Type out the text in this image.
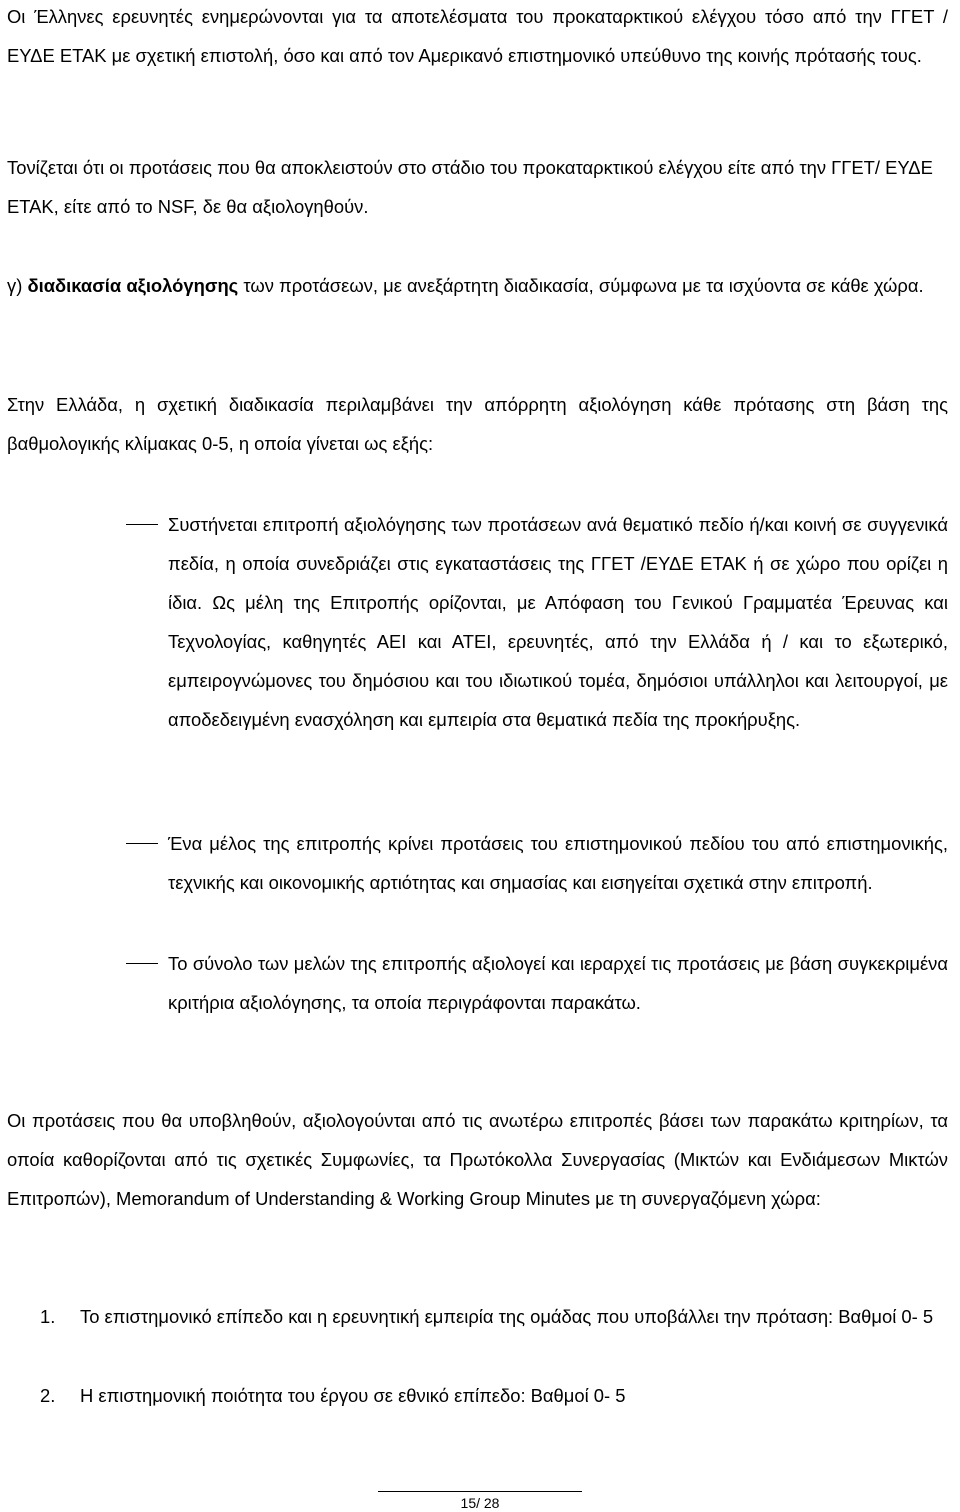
Οι Έλληνες ερευνητές ενημερώνονται για τα αποτελέσματα του προκαταρκτικού ελέγχου τόσο από την ΓΓΕΤ / ΕΥΔΕ ΕΤΑΚ με σχετική επιστολή, όσο και από τον Αμερικανό επιστημονικό υπεύθυνο της κοινής πρότασής τους.

Τονίζεται ότι οι προτάσεις που θα αποκλειστούν στο στάδιο του προκαταρκτικού ελέγχου είτε από την ΓΓΕΤ/ ΕΥΔΕ ΕΤΑΚ, είτε από το NSF, δε θα αξιολογηθούν.

γ) διαδικασία αξιολόγησης των προτάσεων, με ανεξάρτητη διαδικασία, σύμφωνα με τα ισχύοντα σε κάθε χώρα.

Στην Ελλάδα, η σχετική διαδικασία περιλαμβάνει την απόρρητη αξιολόγηση κάθε πρότασης στη βάση της βαθμολογικής κλίμακας 0-5, η οποία γίνεται ως εξής:

Συστήνεται επιτροπή αξιολόγησης των προτάσεων ανά θεματικό πεδίο ή/και κοινή σε συγγενικά πεδία, η οποία συνεδριάζει στις εγκαταστάσεις της ΓΓΕΤ /ΕΥΔΕ ΕΤΑΚ ή σε χώρο που ορίζει η ίδια. Ως μέλη της Επιτροπής ορίζονται, με Απόφαση του Γενικού Γραμματέα Έρευνας και Τεχνολογίας, καθηγητές ΑΕΙ και ΑΤΕΙ, ερευνητές, από την Ελλάδα ή / και το εξωτερικό, εμπειρογνώμονες του δημόσιου και του ιδιωτικού τομέα, δημόσιοι υπάλληλοι και λειτουργοί, με αποδεδειγμένη ενασχόληση και εμπειρία στα θεματικά πεδία της προκήρυξης.

Ένα μέλος της επιτροπής κρίνει προτάσεις του επιστημονικού πεδίου του από επιστημονικής, τεχνικής και οικονομικής αρτιότητας και σημασίας και εισηγείται σχετικά στην επιτροπή.

Το σύνολο των μελών της επιτροπής αξιολογεί και ιεραρχεί τις προτάσεις με βάση συγκεκριμένα κριτήρια αξιολόγησης, τα οποία περιγράφονται παρακάτω.

Οι προτάσεις που θα υποβληθούν, αξιολογούνται από τις ανωτέρω επιτροπές βάσει των παρακάτω κριτηρίων, τα οποία καθορίζονται από τις σχετικές Συμφωνίες, τα Πρωτόκολλα Συνεργασίας (Μικτών και Ενδιάμεσων Μικτών Επιτροπών), Memorandum of Understanding & Working Group Minutes με τη συνεργαζόμενη χώρα:

1. Το επιστημονικό επίπεδο και η ερευνητική εμπειρία της ομάδας που υποβάλλει την πρόταση: Βαθμοί 0- 5

2. Η επιστημονική ποιότητα του έργου σε εθνικό επίπεδο: Βαθμοί 0- 5

15/ 28
